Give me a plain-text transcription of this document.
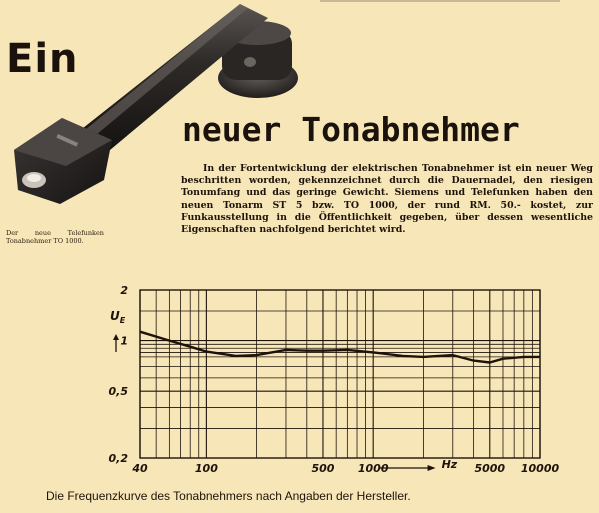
Ein
neuer Tonabnehmer
Der neue Telefunken Tonabnehmer TO 1000.

In der Fortentwicklung der elektrischen Tonabnehmer ist ein neuer Weg beschritten worden, gekennzeichnet durch die Dauernadel, den riesigen Tonumfang und das geringe Gewicht. Siemens und Telefunken haben den neuen Tonarm ST 5 bzw. TO 1000, der rund RM. 50.- kostet, zur Funkausstellung in die Öffentlichkeit gegeben, über dessen wesentliche Eigenschaften nachfolgend berichtet wird.

40	100	500 1000	5000 10000
0,2
0,5
1
2
$U_E$
Hz

Die Frequenzkurve des Tonabnehmers nach Angaben der Hersteller.
